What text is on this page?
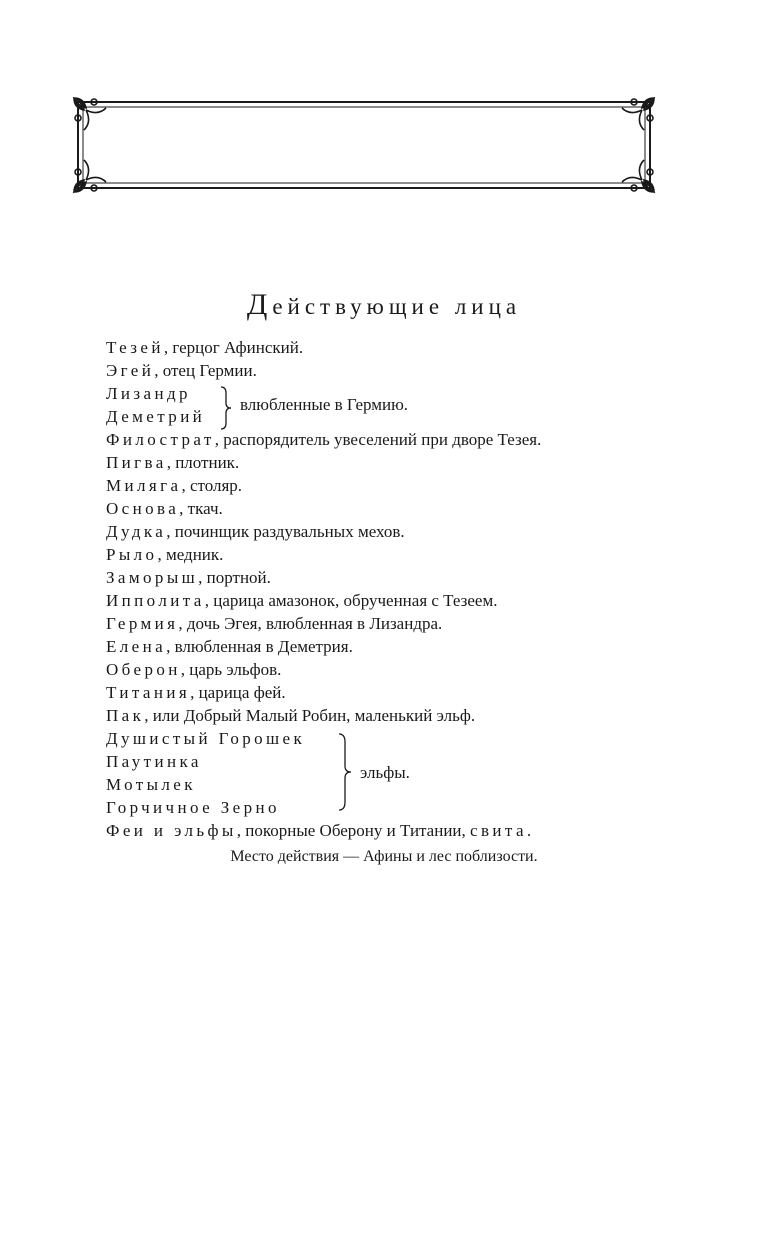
Действующие лица
Тезей, герцог Афинский.
Эгей, отец Гермии.
Лизандр
Деметрий
Филострат, распорядитель увеселений при дворе Тезея.
Пигва, плотник.
Миляга, столяр.
Основа, ткач.
Дудка, починщик раздувальных мехов.
Рыло, медник.
Заморыш, портной.
Ипполита, царица амазонок, обрученная с Тезеем.
Гермия, дочь Эгея, влюбленная в Лизандра.
Елена, влюбленная в Деметрия.
Оберон, царь эльфов.
Титания, царица фей.
Пак, или Добрый Малый Робин, маленький эльф.
Душистый Горошек
Паутинка
Мотылек
Горчичное Зерно
Феи и эльфы, покорные Оберону и Титании, свита.
влюбленные в Гермию.
эльфы.
Место действия — Афины и лес поблизости.
